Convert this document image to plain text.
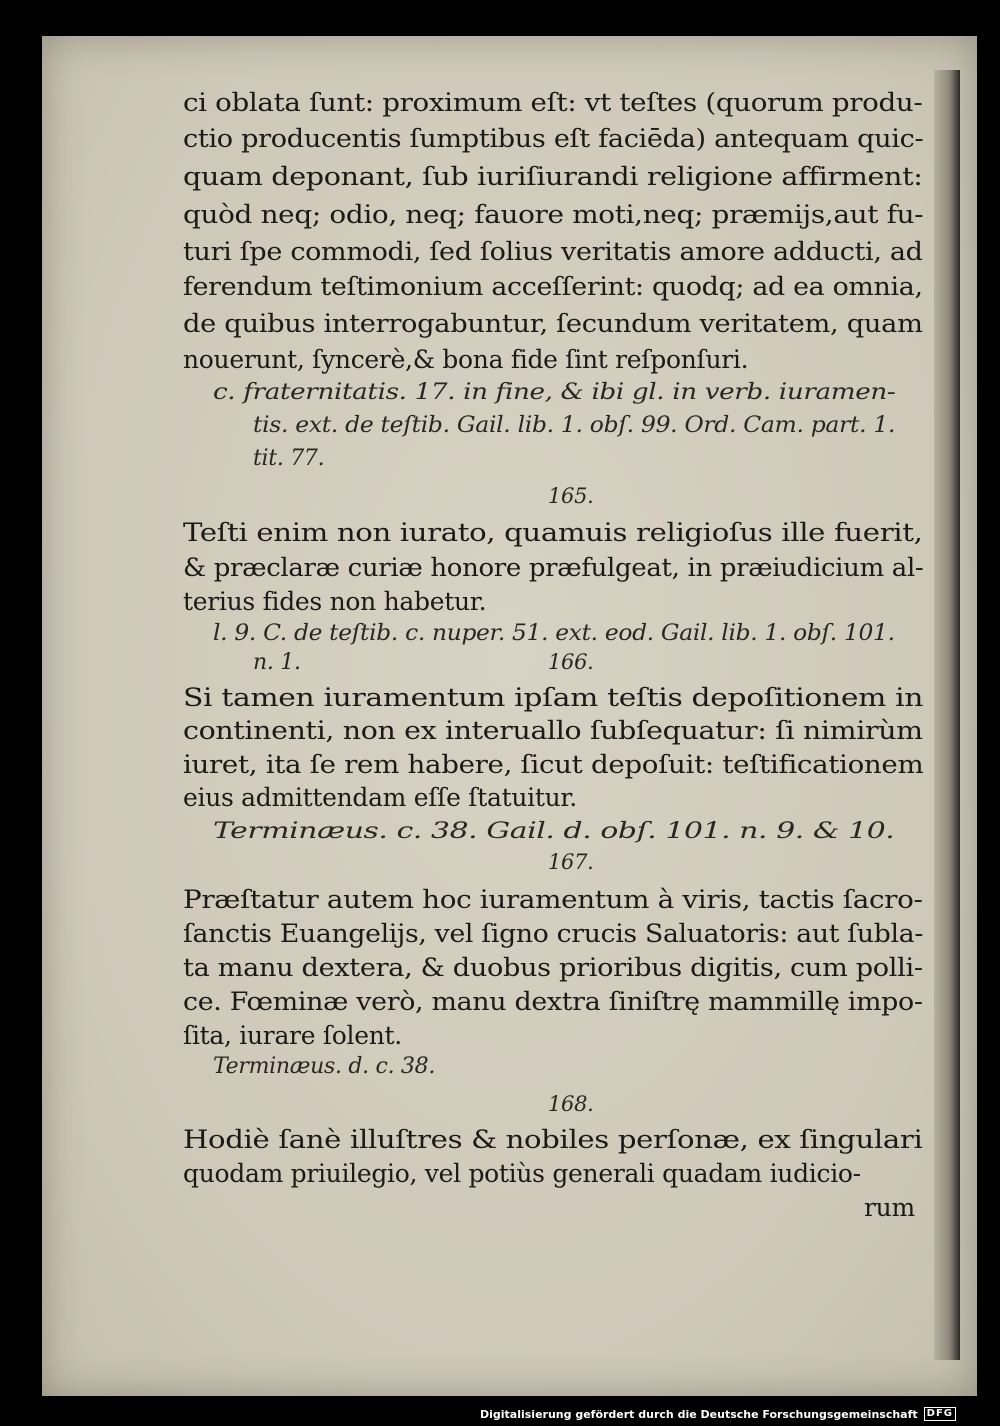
ci oblata ſunt: proximum eſt: vt teſtes (quorum produ-
ctio producentis ſumptibus eſt faciēda) antequam quic-
quam deponant, ſub iuriſiurandi religione affirment:
quòd neq; odio, neq; fauore moti,neq; præmijs,aut fu-
turi ſpe commodi, ſed ſolius veritatis amore adducti, ad
ferendum teſtimonium acceſſerint: quodq; ad ea omnia,
de quibus interrogabuntur, ſecundum veritatem, quam
nouerunt, ſyncerè,& bona fide ſint reſponſuri.
c. fraternitatis. 17. in fine, & ibi gl. in verb. iuramen-
tis. ext. de teſtib. Gail. lib. 1. obſ. 99. Ord. Cam. part. 1.
tit. 77.
165.
Teſti enim non iurato, quamuis religioſus ille fuerit,
& præclaræ curiæ honore præfulgeat, in præiudicium al-
terius fides non habetur.
l. 9. C. de teſtib. c. nuper. 51. ext. eod. Gail. lib. 1. obſ. 101.
n. 1.	166.
Si tamen iuramentum ipſam teſtis depoſitionem in
continenti, non ex interuallo ſubſequatur: ſi nimirùm
iuret, ita ſe rem habere, ſicut depoſuit: teſtificationem
eius admittendam eſſe ſtatuitur.
Terminæus. c. 38. Gail. d. obſ. 101. n. 9. & 10.
167.
Præſtatur autem hoc iuramentum à viris, tactis ſacro-
ſanctis Euangelijs, vel ſigno crucis Saluatoris: aut ſubla-
ta manu dextera, & duobus prioribus digitis, cum polli-
ce. Fœminæ verò, manu dextra ſiniſtrę mammillę impo-
ſita, iurare ſolent.
Terminæus. d. c. 38.
168.
Hodiè ſanè illuſtres & nobiles perſonæ, ex ſingulari
quodam priuilegio, vel potiùs generali quadam iudicio-
rum
Digitalisierung gefördert durch die Deutsche Forschungsgemeinschaft DFG
